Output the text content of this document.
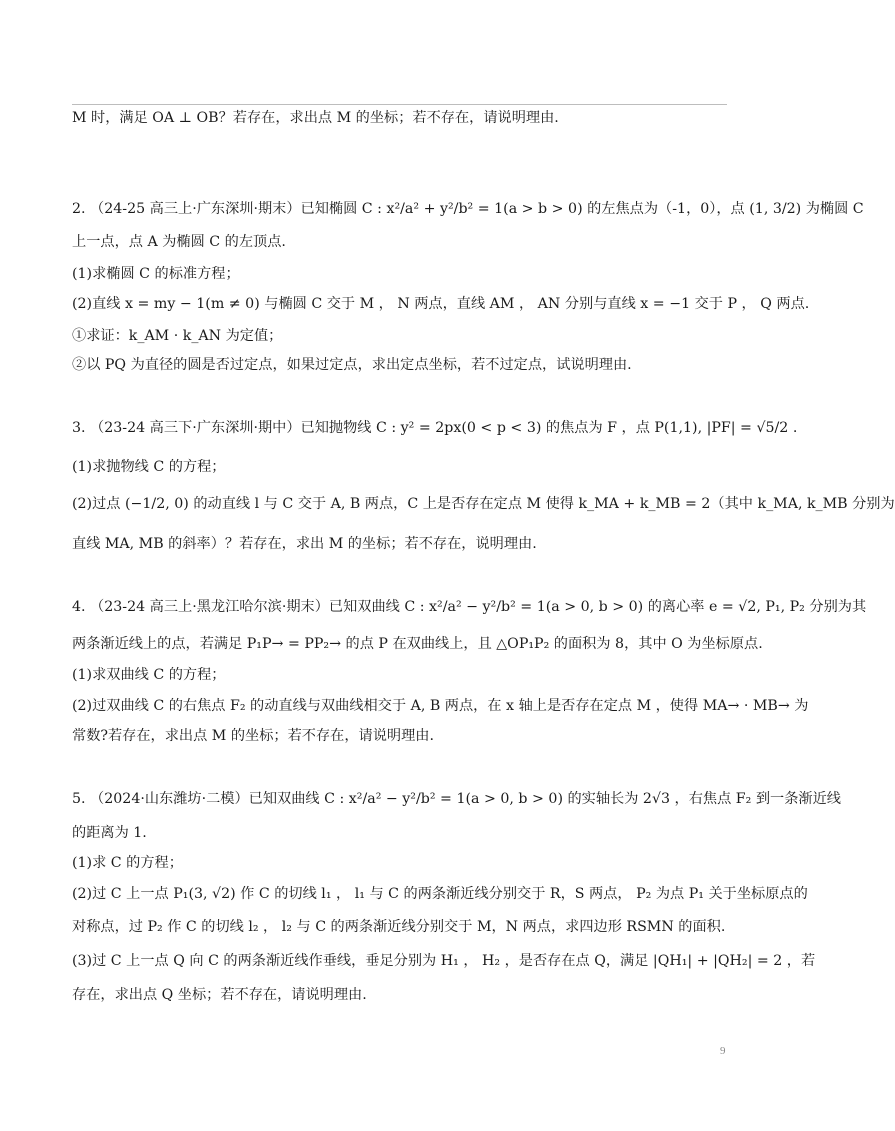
M 时，满足 OA ⊥ OB？若存在，求出点 M 的坐标；若不存在，请说明理由.
2. （24-25 高三上·广东深圳·期末）已知椭圆 C : x²/a² + y²/b² = 1(a > b > 0) 的左焦点为（-1，0），点 (1, 3/2) 为椭圆 C
上一点，点 A 为椭圆 C 的左顶点.
(1)求椭圆 C 的标准方程；
(2)直线 x = my − 1(m ≠ 0) 与椭圆 C 交于 M ， N 两点，直线 AM ， AN 分别与直线 x = −1 交于 P ， Q 两点.
①求证：k_AM · k_AN 为定值；
②以 PQ 为直径的圆是否过定点，如果过定点，求出定点坐标，若不过定点，试说明理由.
3. （23-24 高三下·广东深圳·期中）已知抛物线 C : y² = 2px(0 < p < 3) 的焦点为 F ，点 P(1,1), |PF| = √5/2 .
(1)求抛物线 C 的方程；
(2)过点 (−1/2, 0) 的动直线 l 与 C 交于 A, B 两点，C 上是否存在定点 M 使得 k_MA + k_MB = 2（其中 k_MA, k_MB 分别为
直线 MA, MB 的斜率）？若存在，求出 M 的坐标；若不存在，说明理由.
4. （23-24 高三上·黑龙江哈尔滨·期末）已知双曲线 C : x²/a² − y²/b² = 1(a > 0, b > 0) 的离心率 e = √2, P₁, P₂ 分别为其
两条渐近线上的点，若满足 P₁P→ = PP₂→ 的点 P 在双曲线上，且 △OP₁P₂ 的面积为 8，其中 O 为坐标原点.
(1)求双曲线 C 的方程；
(2)过双曲线 C 的右焦点 F₂ 的动直线与双曲线相交于 A, B 两点，在 x 轴上是否存在定点 M ，使得 MA→ · MB→ 为
常数?若存在，求出点 M 的坐标；若不存在，请说明理由.
5. （2024·山东潍坊·二模）已知双曲线 C : x²/a² − y²/b² = 1(a > 0, b > 0) 的实轴长为 2√3 ，右焦点 F₂ 到一条渐近线
的距离为 1.
(1)求 C 的方程；
(2)过 C 上一点 P₁(3, √2) 作 C 的切线 l₁ ， l₁ 与 C 的两条渐近线分别交于 R，S 两点， P₂ 为点 P₁ 关于坐标原点的
对称点，过 P₂ 作 C 的切线 l₂ ， l₂ 与 C 的两条渐近线分别交于 M，N 两点，求四边形 RSMN 的面积.
(3)过 C 上一点 Q 向 C 的两条渐近线作垂线，垂足分别为 H₁ ， H₂ ，是否存在点 Q，满足 |QH₁| + |QH₂| = 2 ，若
存在，求出点 Q 坐标；若不存在，请说明理由.
9
